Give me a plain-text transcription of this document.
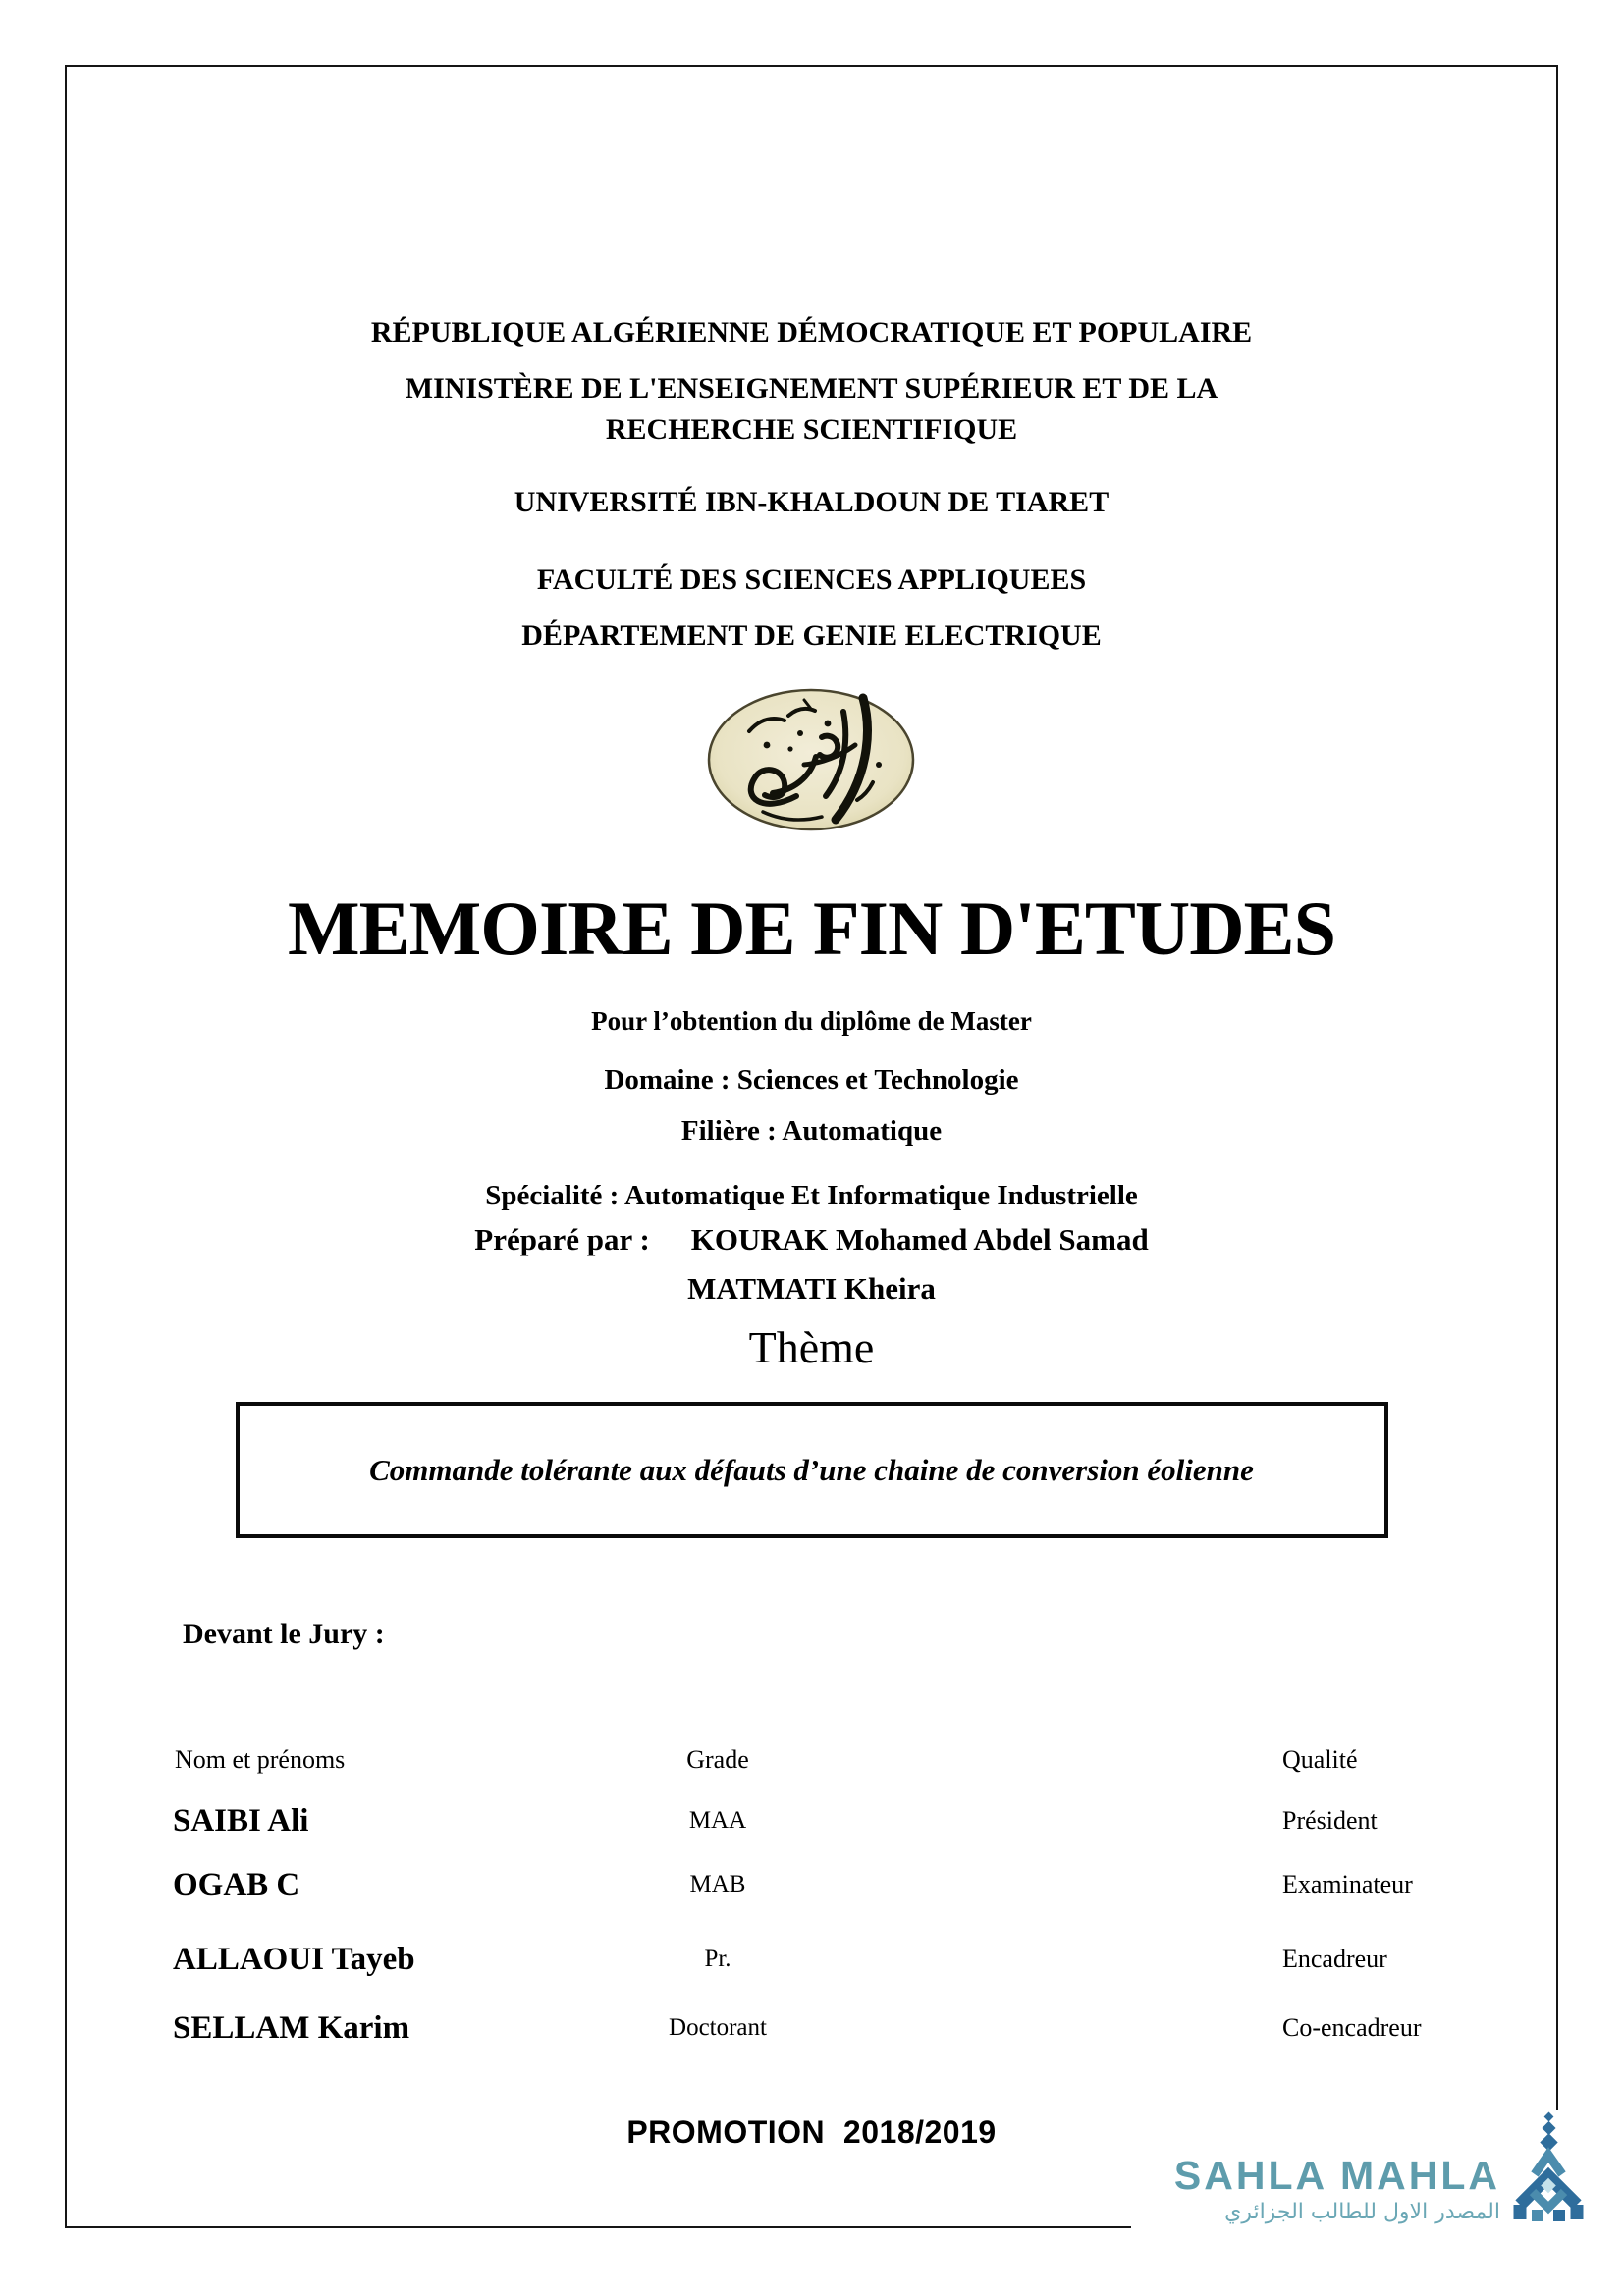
RÉPUBLIQUE ALGÉRIENNE DÉMOCRATIQUE ET POPULAIRE
MINISTÈRE DE L'ENSEIGNEMENT SUPÉRIEUR ET DE LA RECHERCHE SCIENTIFIQUE
UNIVERSITÉ IBN-KHALDOUN DE TIARET
FACULTÉ DES SCIENCES APPLIQUEES
DÉPARTEMENT DE GENIE ELECTRIQUE
MEMOIRE DE FIN D'ETUDES
Pour l’obtention du diplôme de Master
Domaine : Sciences et Technologie
Filière : Automatique
Spécialité : Automatique Et Informatique Industrielle
Préparé par : KOURAK Mohamed Abdel Samad
MATMATI Kheira
Thème
Commande tolérante aux défauts d’une chaine de conversion éolienne
Devant le Jury :
Nom et prénoms	Grade	Qualité
SAIBI Ali	MAA	Président
OGAB C	MAB	Examinateur
ALLAOUI Tayeb	Pr.	Encadreur
SELLAM Karim	Doctorant	Co-encadreur
PROMOTION  2018/2019
SAHLA MAHLA
المصدر الاول للطالب الجزائري
